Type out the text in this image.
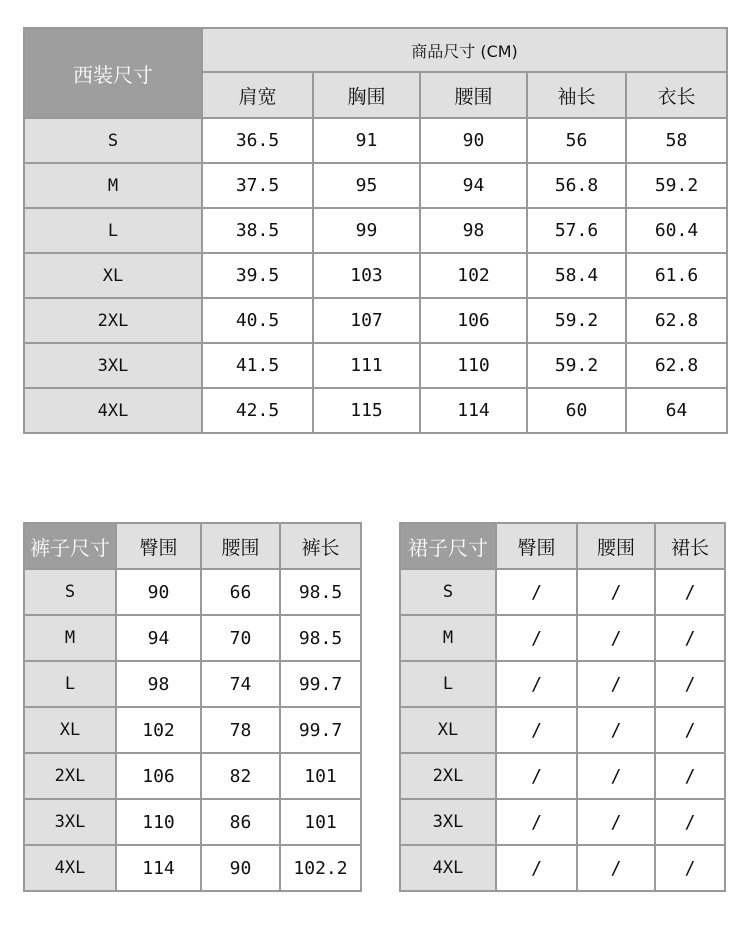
西装尺寸	商品尺寸 (CM)				
	肩宽	胸围	腰围	袖长	衣长
S	36.5	91	90	56	58
M	37.5	95	94	56.8	59.2
L	38.5	99	98	57.6	60.4
XL	39.5	103	102	58.4	61.6
2XL	40.5	107	106	59.2	62.8
3XL	41.5	111	110	59.2	62.8
4XL	42.5	115	114	60	64
裤子尺寸	臀围	腰围	裤长
S	90	66	98.5
M	94	70	98.5
L	98	74	99.7
XL	102	78	99.7
2XL	106	82	101
3XL	110	86	101
4XL	114	90	102.2
裙子尺寸	臀围	腰围	裙长
S	/	/	/
M	/	/	/
L	/	/	/
XL	/	/	/
2XL	/	/	/
3XL	/	/	/
4XL	/	/	/
